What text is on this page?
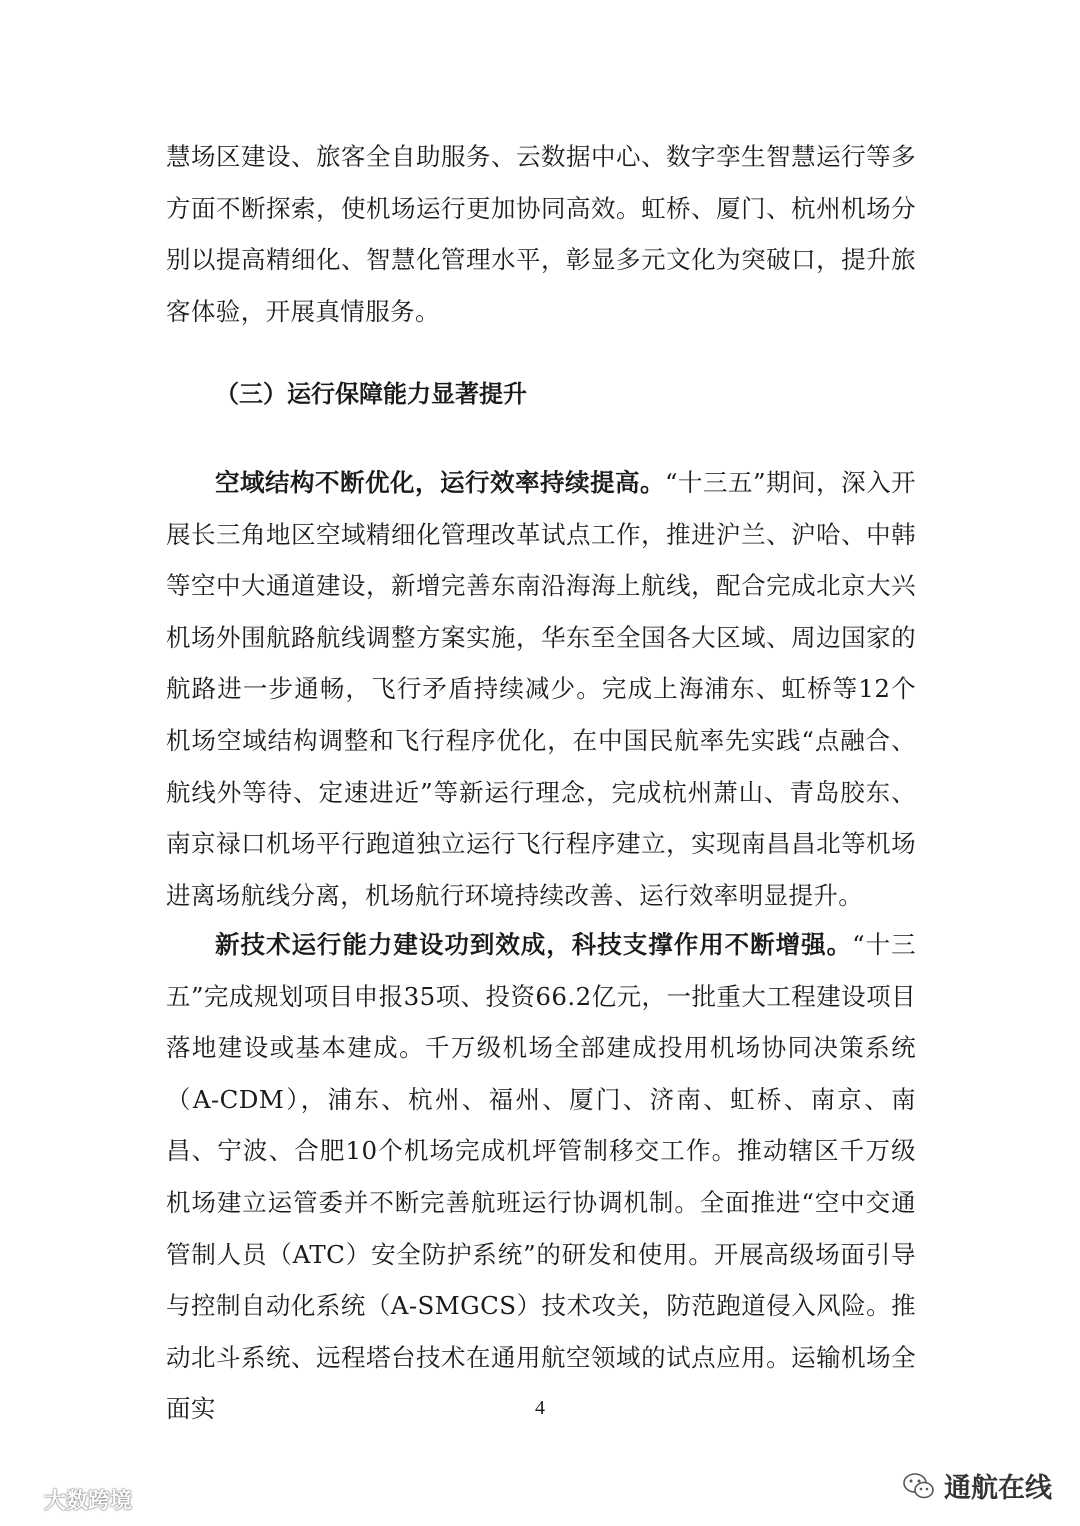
慧场区建设、旅客全自助服务、云数据中心、数字孪生智慧运行等多方面不断探索，使机场运行更加协同高效。虹桥、厦门、杭州机场分别以提高精细化、智慧化管理水平，彰显多元文化为突破口，提升旅客体验，开展真情服务。

（三）运行保障能力显著提升

空域结构不断优化，运行效率持续提高。“十三五”期间，深入开展长三角地区空域精细化管理改革试点工作，推进沪兰、沪哈、中韩等空中大通道建设，新增完善东南沿海海上航线，配合完成北京大兴机场外围航路航线调整方案实施，华东至全国各大区域、周边国家的航路进一步通畅，飞行矛盾持续减少。完成上海浦东、虹桥等12个机场空域结构调整和飞行程序优化，在中国民航率先实践“点融合、航线外等待、定速进近”等新运行理念，完成杭州萧山、青岛胶东、南京禄口机场平行跑道独立运行飞行程序建立，实现南昌昌北等机场进离场航线分离，机场航行环境持续改善、运行效率明显提升。

新技术运行能力建设功到效成，科技支撑作用不断增强。“十三五”完成规划项目申报35项、投资66.2亿元，一批重大工程建设项目落地建设或基本建成。千万级机场全部建成投用机场协同决策系统（A-CDM），浦东、杭州、福州、厦门、济南、虹桥、南京、南昌、宁波、合肥10个机场完成机坪管制移交工作。推动辖区千万级机场建立运管委并不断完善航班运行协调机制。全面推进“空中交通管制人员（ATC）安全防护系统”的研发和使用。开展高级场面引导与控制自动化系统（A-SMGCS）技术攻关，防范跑道侵入风险。推动北斗系统、远程塔台技术在通用航空领域的试点应用。运输机场全面实	4
大数跨境	通航在线
